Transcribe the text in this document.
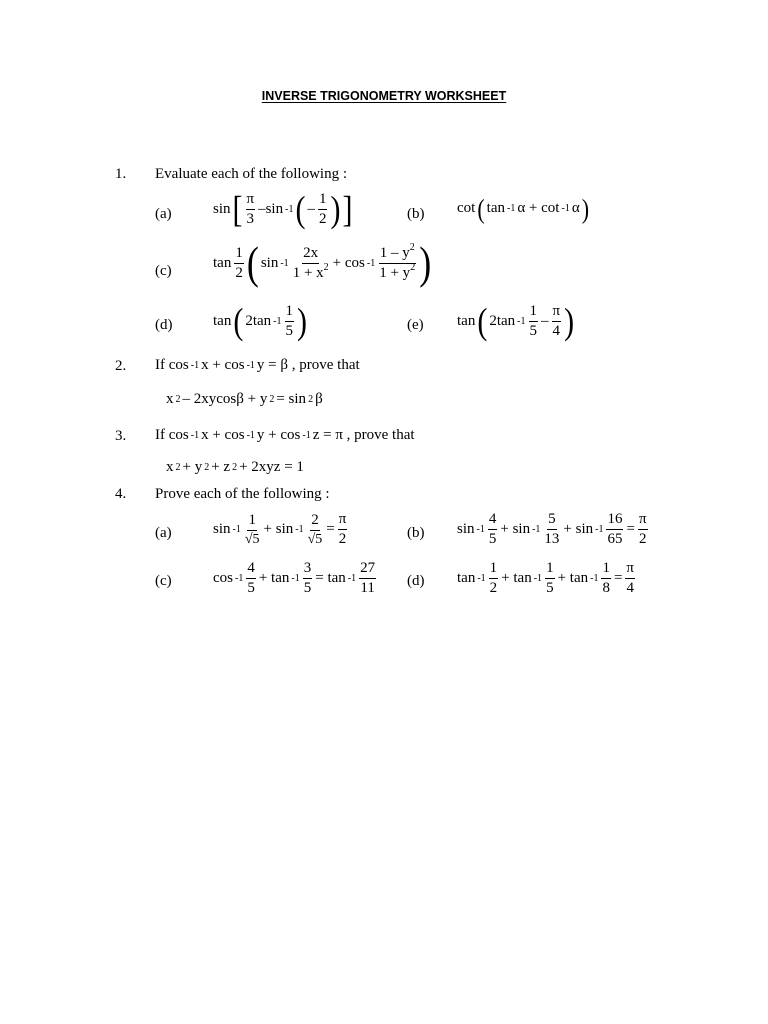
INVERSE TRIGONOMETRY WORKSHEET
1. Evaluate each of the following :
(a)	sin [ π
3
–sin -1 ( –
1
2 ) ]	(b) cot ( tan -1 α + cot -1 α )
(c)	tan
1
2 ( sin -1
2x
$1 + x^2 + \cos -1$
$1 - y^2$
$1 + y^2$ )
(d)	tan ( 2tan -1
1
5 )	(e) tan ( 2tan -1
1
5
–
π
4 )
2. If cos -1 x + cos -1 y = β , prove that
x 2 – 2xycosβ + y 2 = sin 2 β
3. If cos -1 x + cos -1 y + cos -1 z = π , prove that
x 2 + y 2 + z 2 + 2xyz = 1
4. Prove each of the following :
(a)	sin -1
1
√5
+ $\sin -1 \frac{2}{√5} = \frac{\pi}{2}$	(b) sin -1
4
5
+ sin -1
5
13
+ $\sin -1 \frac{16}{65} = \frac{\pi}{2}$
(c)	cos -1
4
5
+ $\tan -1 \frac{3}{5} = \tan -1$
27
11 (d) tan -1
1
2
+ tan -1
1
5
+ $\tan -1 \frac{1}{8} = \frac{\pi}{4}$
